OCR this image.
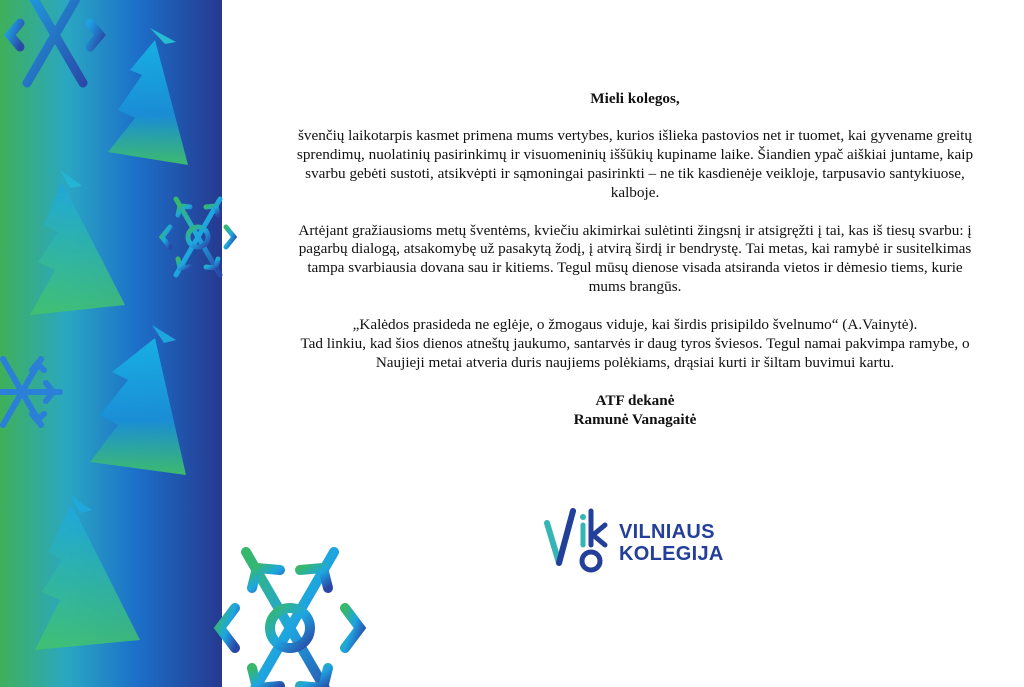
Mieli kolegos,

švenčių laikotarpis kasmet primena mums vertybes, kurios išlieka pastovios net ir tuomet, kai gyvename greitų sprendimų, nuolatinių pasirinkimų ir visuomeninių iššūkių kupiname laike. Šiandien ypač aiškiai juntame, kaip svarbu gebėti sustoti, atsikvėpti ir sąmoningai pasirinkti – ne tik kasdienėje veikloje, tarpusavio santykiuose, kalboje.

Artėjant gražiausioms metų šventėms, kviečiu akimirkai sulėtinti žingsnį ir atsigręžti į tai, kas iš tiesų svarbu: į pagarbų dialogą, atsakomybę už pasakytą žodį, į atvirą širdį ir bendrystę. Tai metas, kai ramybė ir susitelkimas tampa svarbiausia dovana sau ir kitiems. Tegul mūsų dienose visada atsiranda vietos ir dėmesio tiems, kurie mums brangūs.

„Kalėdos prasideda ne eglėje, o žmogaus viduje, kai širdis prisipildo švelnumo“ (A.Vainytė).

Tad linkiu, kad šios dienos atneštų jaukumo, santarvės ir daug tyros šviesos. Tegul namai pakvimpa ramybe, o Naujieji metai atveria duris naujiems polėkiams, drąsiai kurti ir šiltam buvimui kartu.

ATF dekanė

Ramunė Vanagaitė

VILNIAUS
KOLEGIJA
